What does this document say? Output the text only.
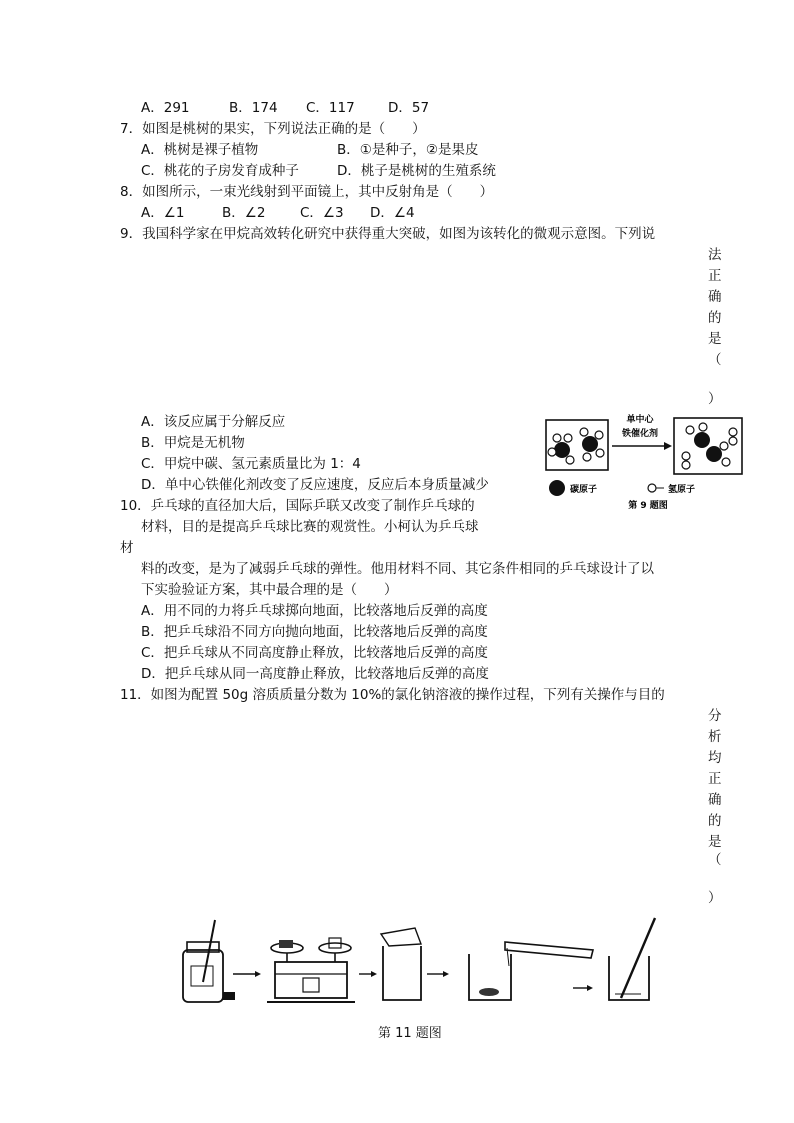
A．291	B．174 C．117 D．57
7．如图是桃树的果实，下列说法正确的是（　　）
A．桃树是裸子植物	B．①是种子，②是果皮
C．桃花的子房发育成种子	D．桃子是桃树的生殖系统
8．如图所示，一束光线射到平面镜上，其中反射角是（　　）
A．∠1	B．∠2	C．∠3 D．∠4
9．我国科学家在甲烷高效转化研究中获得重大突破，如图为该转化的微观示意图。下列说
法
正
确
的
是
（
）
A．该反应属于分解反应
B．甲烷是无机物
C．甲烷中碳、氢元素质量比为 1：4
D．单中心铁催化剂改变了反应速度，反应后本身质量减少
单中心
铁催化剂
碳原子	氢原子
第 9 题图
10．乒乓球的直径加大后，国际乒联又改变了制作乒乓球的
材料，目的是提高乒乓球比赛的观赏性。小柯认为乒乓球
材
料的改变，是为了减弱乒乓球的弹性。他用材料不同、其它条件相同的乒乓球设计了以
下实验验证方案，其中最合理的是（　　）
A．用不同的力将乒乓球掷向地面，比较落地后反弹的高度
B．把乒乓球沿不同方向抛向地面，比较落地后反弹的高度
C．把乒乓球从不同高度静止释放，比较落地后反弹的高度
D．把乒乓球从同一高度静止释放，比较落地后反弹的高度
11．如图为配置 50g 溶质质量分数为 10%的氯化钠溶液的操作过程，下列有关操作与目的
分
析
均
正
确
的
是
（
）
第 11 题图
